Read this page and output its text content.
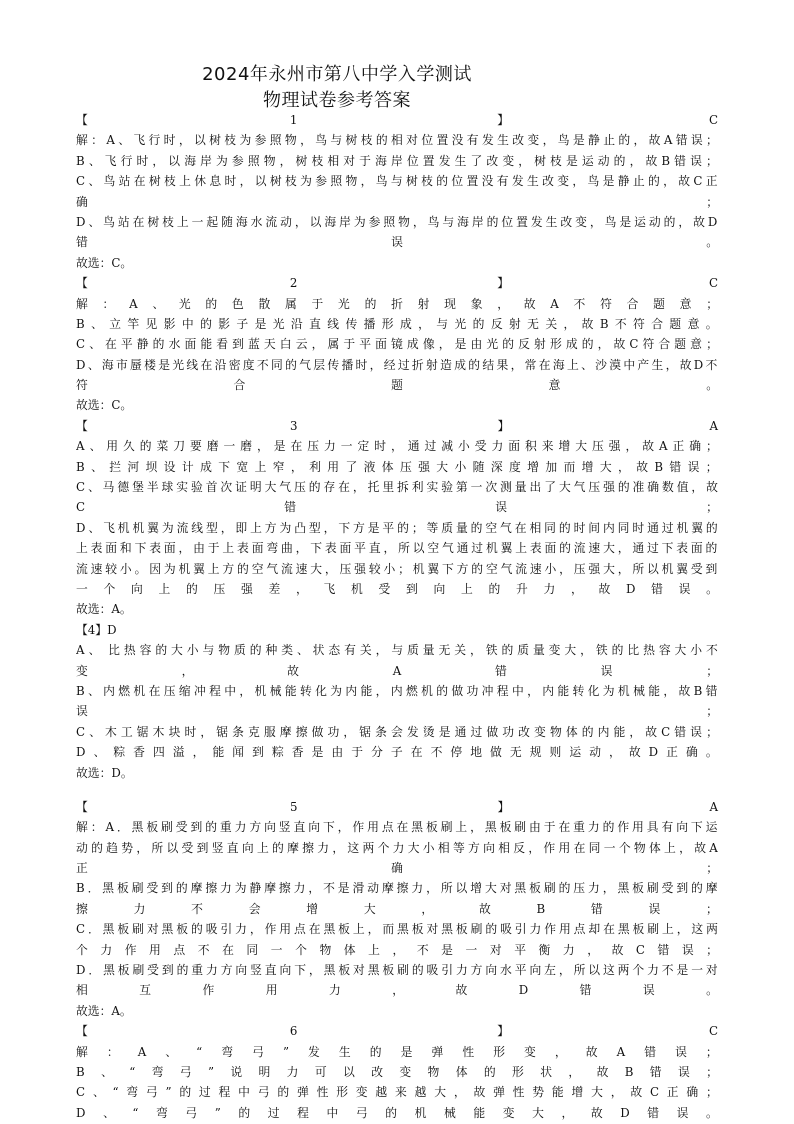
2024年永州市第八中学入学测试
物理试卷参考答案
【	1	】	C
解 ： A 、 飞 行 时 ， 以 树 枝 为 参 照 物 ， 鸟 与 树 枝 的 相 对 位 置 没 有 发 生 改 变 ， 鸟 是 静 止 的 ， 故 A 错 误 ；
B 、 飞 行 时 ， 以 海 岸 为 参 照 物 ， 树 枝 相 对 于 海 岸 位 置 发 生 了 改 变 ， 树 枝 是 运 动 的 ， 故 B 错 误 ；
C 、 鸟 站 在 树 枝 上 休 息 时 ， 以 树 枝 为 参 照 物 ， 鸟 与 树 枝 的 位 置 没 有 发 生 改 变 ， 鸟 是 静 止 的 ， 故 C 正
确	；
D 、 鸟 站 在 树 枝 上 一 起 随 海 水 流 动 ， 以 海 岸 为 参 照 物 ， 鸟 与 海 岸 的 位 置 发 生 改 变 ， 鸟 是 运 动 的 ， 故 D
错	误	。
故选：C。
【	2	】	C
解 ： A 、 光 的 色 散 属 于 光 的 折 射 现 象 ， 故 A 不 符 合 题 意 ；
B 、 立 竿 见 影 中 的 影 子 是 光 沿 直 线 传 播 形 成 ， 与 光 的 反 射 无 关 ， 故 B 不 符 合 题 意 。
C 、 在 平 静 的 水 面 能 看 到 蓝 天 白 云 ， 属 于 平 面 镜 成 像 ， 是 由 光 的 反 射 形 成 的 ， 故 C 符 合 题 意 ；
D 、 海 市 蜃 楼 是 光 线 在 沿 密 度 不 同 的 气 层 传 播 时 ， 经 过 折 射 造 成 的 结 果 ， 常 在 海 上 、 沙 漠 中 产 生 ， 故 D 不
符	合	题	意	。
故选：C。
【	3	】	A
A 、 用 久 的 菜 刀 要 磨 一 磨 ， 是 在 压 力 一 定 时 ， 通 过 减 小 受 力 面 积 来 增 大 压 强 ， 故 A 正 确 ；
B 、 拦 河 坝 设 计 成 下 宽 上 窄 ， 利 用 了 液 体 压 强 大 小 随 深 度 增 加 而 增 大 ， 故 B 错 误 ；
C 、 马 德 堡 半 球 实 验 首 次 证 明 大 气 压 的 存 在 ， 托 里 拆 利 实 验 第 一 次 测 量 出 了 大 气 压 强 的 准 确 数 值 ， 故
C	错	误	；
D 、 飞 机 机 翼 为 流 线 型 ， 即 上 方 为 凸 型 ， 下 方 是 平 的 ； 等 质 量 的 空 气 在 相 同 的 时 间 内 同 时 通 过 机 翼 的
上 表 面 和 下 表 面 ， 由 于 上 表 面 弯 曲 ， 下 表 面 平 直 ， 所 以 空 气 通 过 机 翼 上 表 面 的 流 速 大 ， 通 过 下 表 面 的
流 速 较 小 。 因 为 机 翼 上 方 的 空 气 流 速 大 ， 压 强 较 小 ； 机 翼 下 方 的 空 气 流 速 小 ， 压 强 大 ， 所 以 机 翼 受 到
一 个 向 上 的 压 强 差 ， 飞 机 受 到 向 上 的 升 力 ， 故 D 错 误 。
故选：A。
【4】D
A 、 比 热 容 的 大 小 与 物 质 的 种 类 、 状 态 有 关 ， 与 质 量 无 关 ， 铁 的 质 量 变 大 ， 铁 的 比 热 容 大 小 不
变	，	故	A	错	误	；
B 、 内 燃 机 在 压 缩 冲 程 中 ， 机 械 能 转 化 为 内 能 ， 内 燃 机 的 做 功 冲 程 中 ， 内 能 转 化 为 机 械 能 ， 故 B 错
误	；
C 、 木 工 锯 木 块 时 ， 锯 条 克 服 摩 擦 做 功 ， 锯 条 会 发 烫 是 通 过 做 功 改 变 物 体 的 内 能 ， 故 C 错 误 ；
D 、 粽 香 四 溢 ， 能 闻 到 粽 香 是 由 于 分 子 在 不 停 地 做 无 规 则 运 动 ， 故 D 正 确 。
故选：D。
【	5	】	A
解 ： A ． 黑 板 刷 受 到 的 重 力 方 向 竖 直 向 下 ， 作 用 点 在 黑 板 刷 上 ， 黑 板 刷 由 于 在 重 力 的 作 用 具 有 向 下 运
动 的 趋 势 ， 所 以 受 到 竖 直 向 上 的 摩 擦 力 ， 这 两 个 力 大 小 相 等 方 向 相 反 ， 作 用 在 同 一 个 物 体 上 ， 故 A
正	确	；
B ． 黑 板 刷 受 到 的 摩 擦 力 为 静 摩 擦 力 ， 不 是 滑 动 摩 擦 力 ， 所 以 增 大 对 黑 板 刷 的 压 力 ， 黑 板 刷 受 到 的 摩
擦	力	不	会	增	大	，	故	B	错	误	；
C ． 黑 板 刷 对 黑 板 的 吸 引 力 ， 作 用 点 在 黑 板 上 ， 而 黑 板 对 黑 板 刷 的 吸 引 力 作 用 点 却 在 黑 板 刷 上 ， 这 两
个 力 作 用 点 不 在 同 一 个 物 体 上 ， 不 是 一 对 平 衡 力 ， 故 C 错 误 ；
D ． 黑 板 刷 受 到 的 重 力 方 向 竖 直 向 下 ， 黑 板 对 黑 板 刷 的 吸 引 力 方 向 水 平 向 左 ， 所 以 这 两 个 力 不 是 一 对
相	互	作	用	力	，	故	D	错	误	。
故选：A。
【	6	】	C
解 ： A 、 “ 弯 弓 ” 发 生 的 是 弹 性 形 变 ， 故 A 错 误 ；
B 、 “ 弯 弓 ” 说 明 力 可 以 改 变 物 体 的 形 状 ， 故 B 错 误 ；
C 、 “ 弯 弓 ” 的 过 程 中 弓 的 弹 性 形 变 越 来 越 大 ， 故 弹 性 势 能 增 大 ， 故 C 正 确 ；
D 、 “ 弯 弓 ” 的 过 程 中 弓 的 机 械 能 变 大 ， 故 D 错 误 。
